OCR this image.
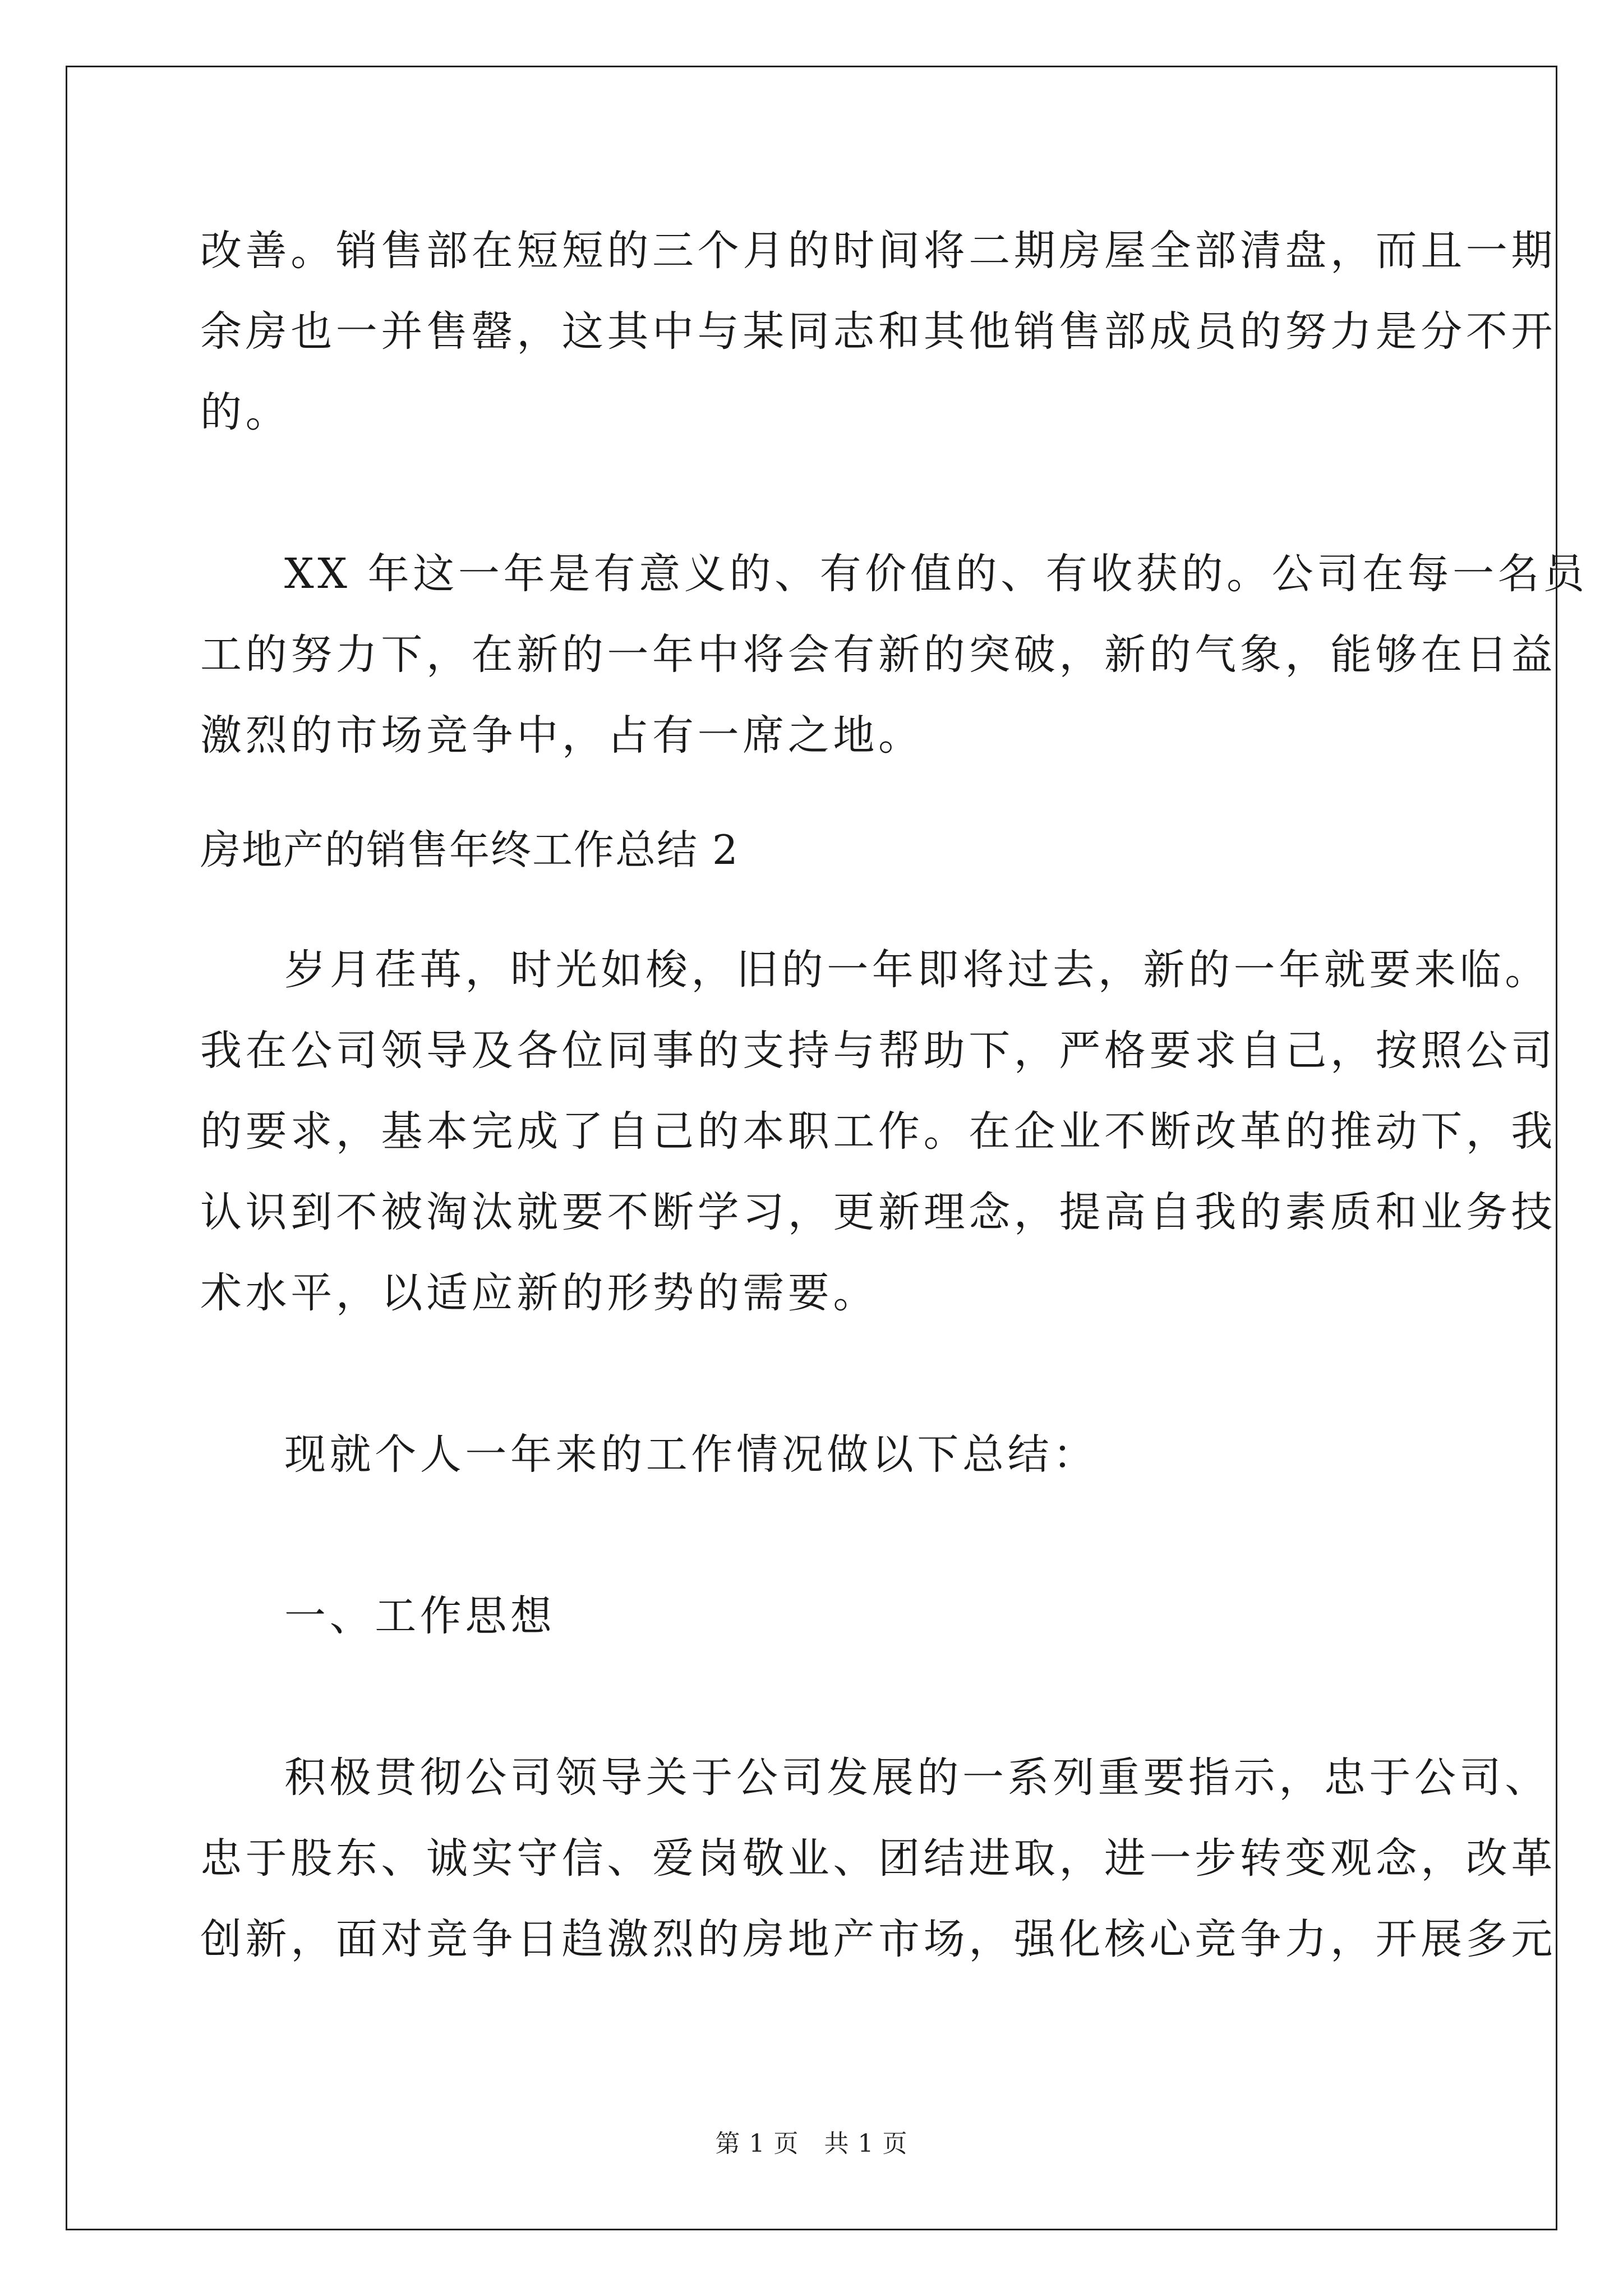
改善。销售部在短短的三个月的时间将二期房屋全部清盘，而且一期
余房也一并售罄，这其中与某同志和其他销售部成员的努力是分不开
的。
XX 年这一年是有意义的、有价值的、有收获的。公司在每一名员
工的努力下，在新的一年中将会有新的突破，新的气象，能够在日益
激烈的市场竞争中，占有一席之地。
房地产的销售年终工作总结 2
岁月荏苒，时光如梭，旧的一年即将过去，新的一年就要来临。
我在公司领导及各位同事的支持与帮助下，严格要求自己，按照公司
的要求，基本完成了自己的本职工作。在企业不断改革的推动下，我
认识到不被淘汰就要不断学习，更新理念，提高自我的素质和业务技
术水平，以适应新的形势的需要。
现就个人一年来的工作情况做以下总结：
一、工作思想
积极贯彻公司领导关于公司发展的一系列重要指示，忠于公司、
忠于股东、诚实守信、爱岗敬业、团结进取，进一步转变观念，改革
创新，面对竞争日趋激烈的房地产市场，强化核心竞争力，开展多元
第 1 页　共 1 页
